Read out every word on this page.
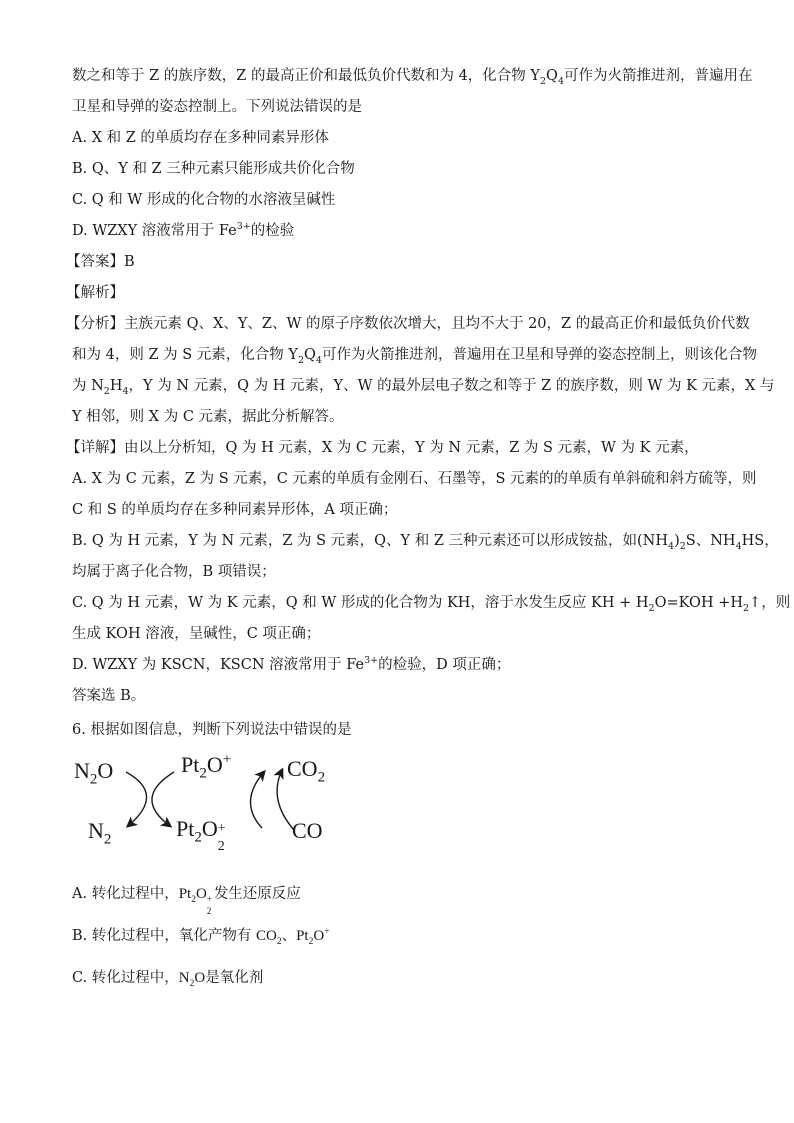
数之和等于 Z 的族序数，Z 的最高正价和最低负价代数和为 4，化合物 $Y_2Q_4$可作为火箭推进剂，普遍用在
卫星和导弹的姿态控制上。下列说法错误的是
A. X 和 Z 的单质均存在多种同素异形体
B. Q、Y 和 Z 三种元素只能形成共价化合物
C. Q 和 W 形成的化合物的水溶液呈碱性
D. WZXY 溶液常用于 $Fe^{3+}$的检验
【答案】B
【解析】
【分析】主族元素 Q、X、Y、Z、W 的原子序数依次增大，且均不大于 20，Z 的最高正价和最低负价代数
和为 4，则 Z 为 S 元素，化合物 $Y_2Q_4$可作为火箭推进剂，普遍用在卫星和导弹的姿态控制上，则该化合物
为 $N_2H_4$，Y 为 N 元素，Q 为 H 元素，Y、W 的最外层电子数之和等于 Z 的族序数，则 W 为 K 元素，X 与
Y 相邻，则 X 为 C 元素，据此分析解答。
【详解】由以上分析知，Q 为 H 元素，X 为 C 元素，Y 为 N 元素，Z 为 S 元素，W 为 K 元素，
A. X 为 C 元素，Z 为 S 元素，C 元素的单质有金刚石、石墨等，S 元素的的单质有单斜硫和斜方硫等，则
C 和 S 的单质均存在多种同素异形体，A 项正确；
B. Q 为 H 元素，Y 为 N 元素，Z 为 S 元素，Q、Y 和 Z 三种元素还可以形成铵盐，如$(NH_4)_2S$、$NH_4HS$，
均属于离子化合物，B 项错误；
C. Q 为 H 元素，W 为 K 元素，Q 和 W 形成的化合物为 KH，溶于水发生反应 KH + $H_2O=KOH$ $+H_2↑$，则
生成 KOH 溶液，呈碱性，C 项正确；
D. WZXY 为 KSCN，KSCN 溶液常用于 $Fe^{3+}$的检验，D 项正确；
答案选 B。
6. 根据如图信息，判断下列说法中错误的是
$N_2O$
$N_2$
$Pt_2O^+$
$Pt_2O$ +
2
$CO_2$
CO
A. 转化过程中，$Pt_2O$ +
2
发生还原反应
B. 转化过程中，氧化产物有 $CO_2$、$Pt_2O^+$
C. 转化过程中，$N_2O$是氧化剂
